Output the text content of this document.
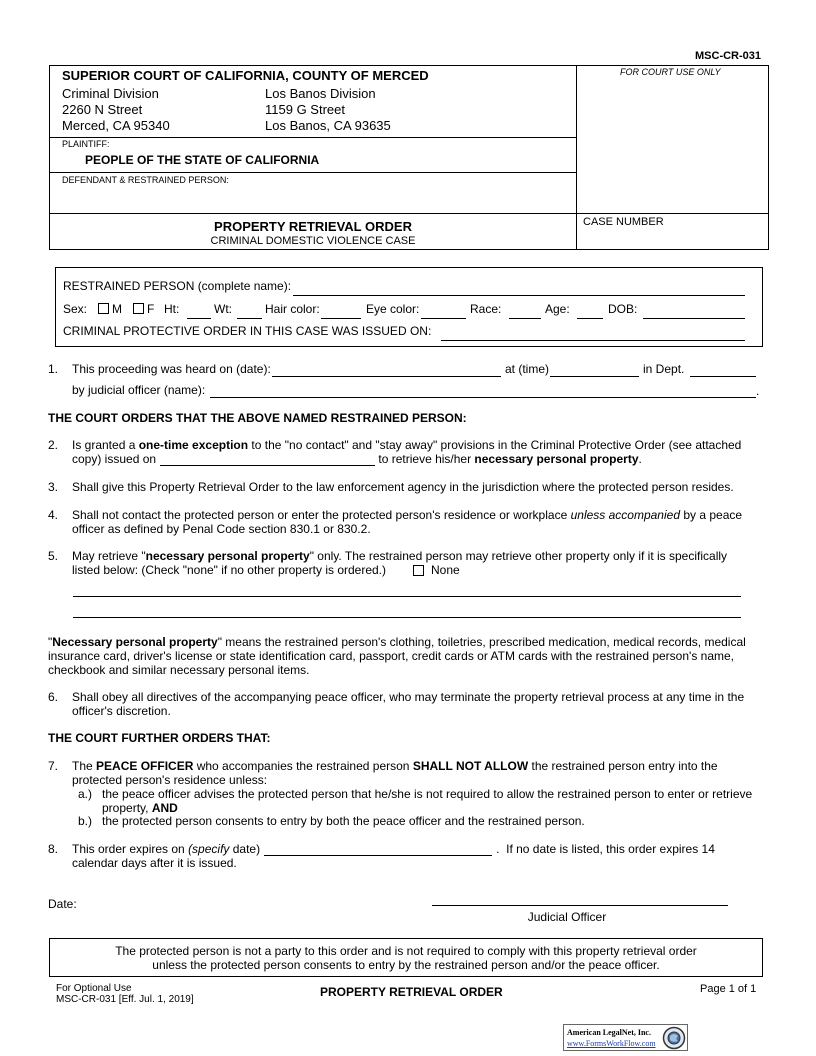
MSC-CR-031
SUPERIOR COURT OF CALIFORNIA, COUNTY OF MERCED
Criminal Division
2260 N Street
Merced, CA 95340
Los Banos Division
1159 G Street
Los Banos, CA 93635
FOR COURT USE ONLY
PLAINTIFF:
PEOPLE OF THE STATE OF CALIFORNIA
DEFENDANT & RESTRAINED PERSON:
PROPERTY RETRIEVAL ORDER
CRIMINAL DOMESTIC VIOLENCE CASE
CASE NUMBER
RESTRAINED PERSON (complete name):
Sex: M F Ht:	Wt:	Hair color:	Eye color:	Race:	Age:	DOB:
CRIMINAL PROTECTIVE ORDER IN THIS CASE WAS ISSUED ON:
1. This proceeding was heard on (date):	at (time)	in Dept.
by judicial officer (name):	.
THE COURT ORDERS THAT THE ABOVE NAMED RESTRAINED PERSON:
2. Is granted a one-time exception to the "no contact" and "stay away" provisions in the Criminal Protective Order (see attached
copy) issued on	to retrieve his/her necessary personal property.
3. Shall give this Property Retrieval Order to the law enforcement agency in the jurisdiction where the protected person resides.
4. Shall not contact the protected person or enter the protected person's residence or workplace unless accompanied by a peace
officer as defined by Penal Code section 830.1 or 830.2.
5. May retrieve "necessary personal property" only. The restrained person may retrieve other property only if it is specifically
listed below: (Check "none" if no other property is ordered.)	None
"Necessary personal property" means the restrained person's clothing, toiletries, prescribed medication, medical records, medical
insurance card, driver's license or state identification card, passport, credit cards or ATM cards with the restrained person's name,
checkbook and similar necessary personal items.
6. Shall obey all directives of the accompanying peace officer, who may terminate the property retrieval process at any time in the
officer's discretion.
THE COURT FURTHER ORDERS THAT:
7. The PEACE OFFICER who accompanies the restrained person SHALL NOT ALLOW the restrained person entry into the
protected person's residence unless:
a.) the peace officer advises the protected person that he/she is not required to allow the restrained person to enter or retrieve
property, AND
b.) the protected person consents to entry by both the peace officer and the restrained person.
8. This order expires on (specify date)	.  If no date is listed, this order expires 14
calendar days after it is issued.
Date:
Judicial Officer
The protected person is not a party to this order and is not required to comply with this property retrieval order
unless the protected person consents to entry by the restrained person and/or the peace officer.
For Optional Use
MSC-CR-031 [Eff. Jul. 1, 2019]
PROPERTY RETRIEVAL ORDER	Page 1 of 1
American LegalNet, Inc.
www.FormsWorkFlow.com
